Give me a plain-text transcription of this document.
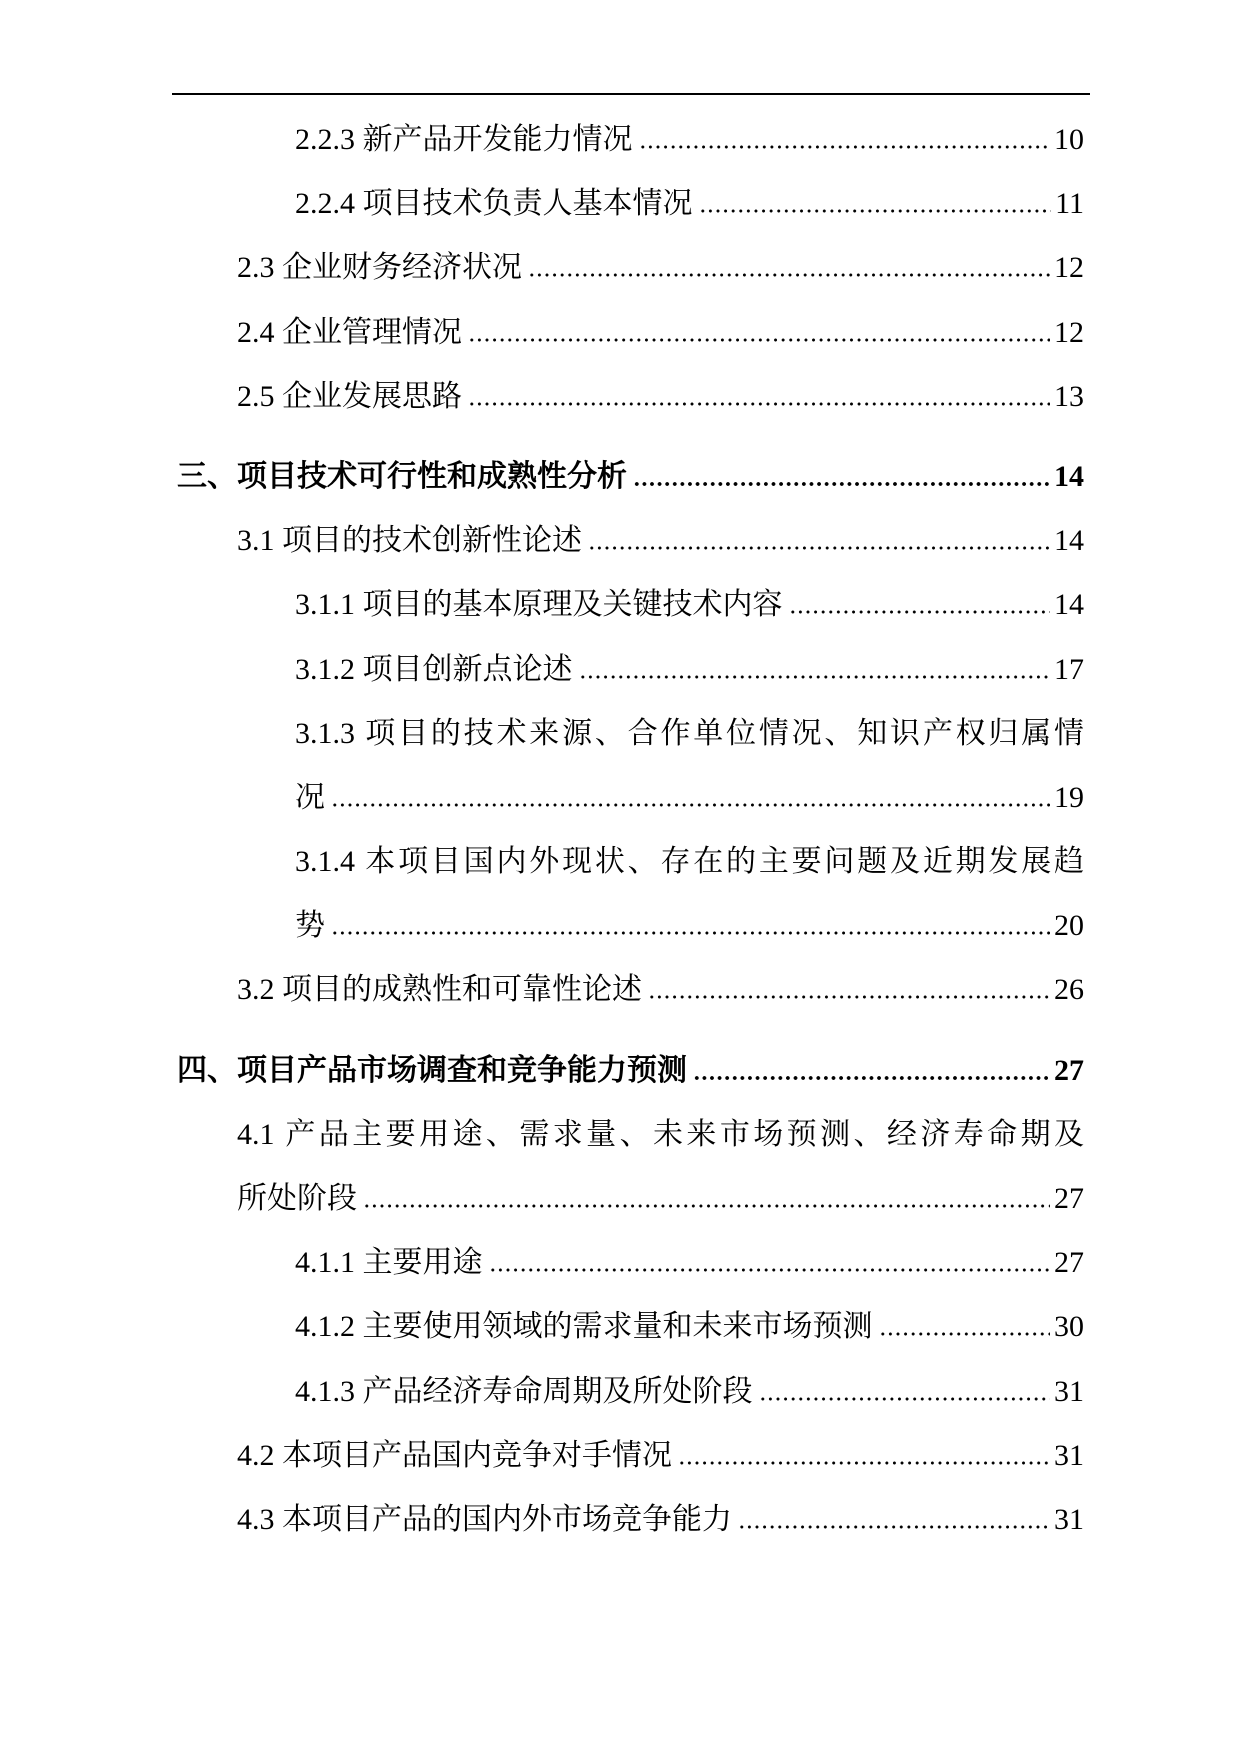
2.2.3 新产品开发能力情况	10
2.2.4 项目技术负责人基本情况	11
2.3 企业财务经济状况	12
2.4 企业管理情况	12
2.5 企业发展思路	13
三、项目技术可行性和成熟性分析	14
3.1 项目的技术创新性论述	14
3.1.1 项目的基本原理及关键技术内容	14
3.1.2 项目创新点论述	17
3.1.3 项目的技术来源、合作单位情况、知识产权归属情
况	19
3.1.4 本项目国内外现状、存在的主要问题及近期发展趋
势	20
3.2 项目的成熟性和可靠性论述	26
四、项目产品市场调查和竞争能力预测	27
4.1 产品主要用途、需求量、未来市场预测、经济寿命期及
所处阶段	27
4.1.1 主要用途	27
4.1.2 主要使用领域的需求量和未来市场预测	30
4.1.3 产品经济寿命周期及所处阶段	31
4.2 本项目产品国内竞争对手情况	31
4.3 本项目产品的国内外市场竞争能力	31
